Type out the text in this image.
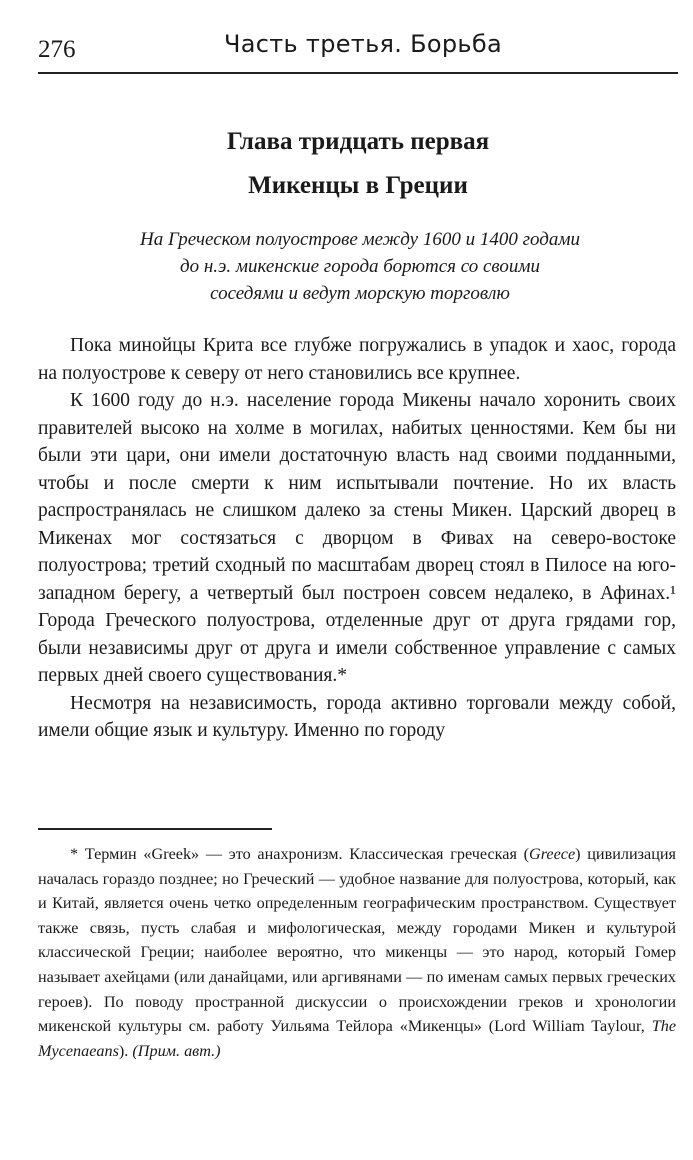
276	Часть третья. Борьба
Глава тридцать первая
Микенцы в Греции
На Греческом полуострове между 1600 и 1400 годами
до н.э. микенские города борются со своими
соседями и ведут морскую торговлю

Пока минойцы Крита все глубже погружались в упадок и хаос, города на полуострове к северу от него становились все крупнее.

К 1600 году до н.э. население города Микены начало хоронить своих правителей высоко на холме в могилах, набитых ценностями. Кем бы ни были эти цари, они имели достаточную власть над своими подданными, чтобы и после смерти к ним испытывали почтение. Но их власть распространялась не слишком далеко за стены Микен. Царский дворец в Микенах мог состязаться с дворцом в Фивах на северо-востоке полуострова; третий сходный по масштабам дворец стоял в Пилосе на юго-западном берегу, а четвертый был построен совсем недалеко, в Афинах.¹ Города Греческого полуострова, отделенные друг от друга грядами гор, были независимы друг от друга и имели собственное управление с самых первых дней своего существования.*

Несмотря на независимость, города активно торговали между собой, имели общие язык и культуру. Именно по городу

* Термин «Greek» — это анахронизм. Классическая греческая (Greece) цивилизация началась гораздо позднее; но Греческий — удобное название для полуострова, который, как и Китай, является очень четко определенным географическим пространством. Существует также связь, пусть слабая и мифологическая, между городами Микен и культурой классической Греции; наиболее вероятно, что микенцы — это народ, который Гомер называет ахейцами (или данайцами, или аргивянами — по именам самых первых греческих героев). По поводу пространной дискуссии о происхождении греков и хронологии микенской культуры см. работу Уильяма Тейлора «Микенцы» (Lord William Taylour, The Mycenaeans). (Прим. авт.)
